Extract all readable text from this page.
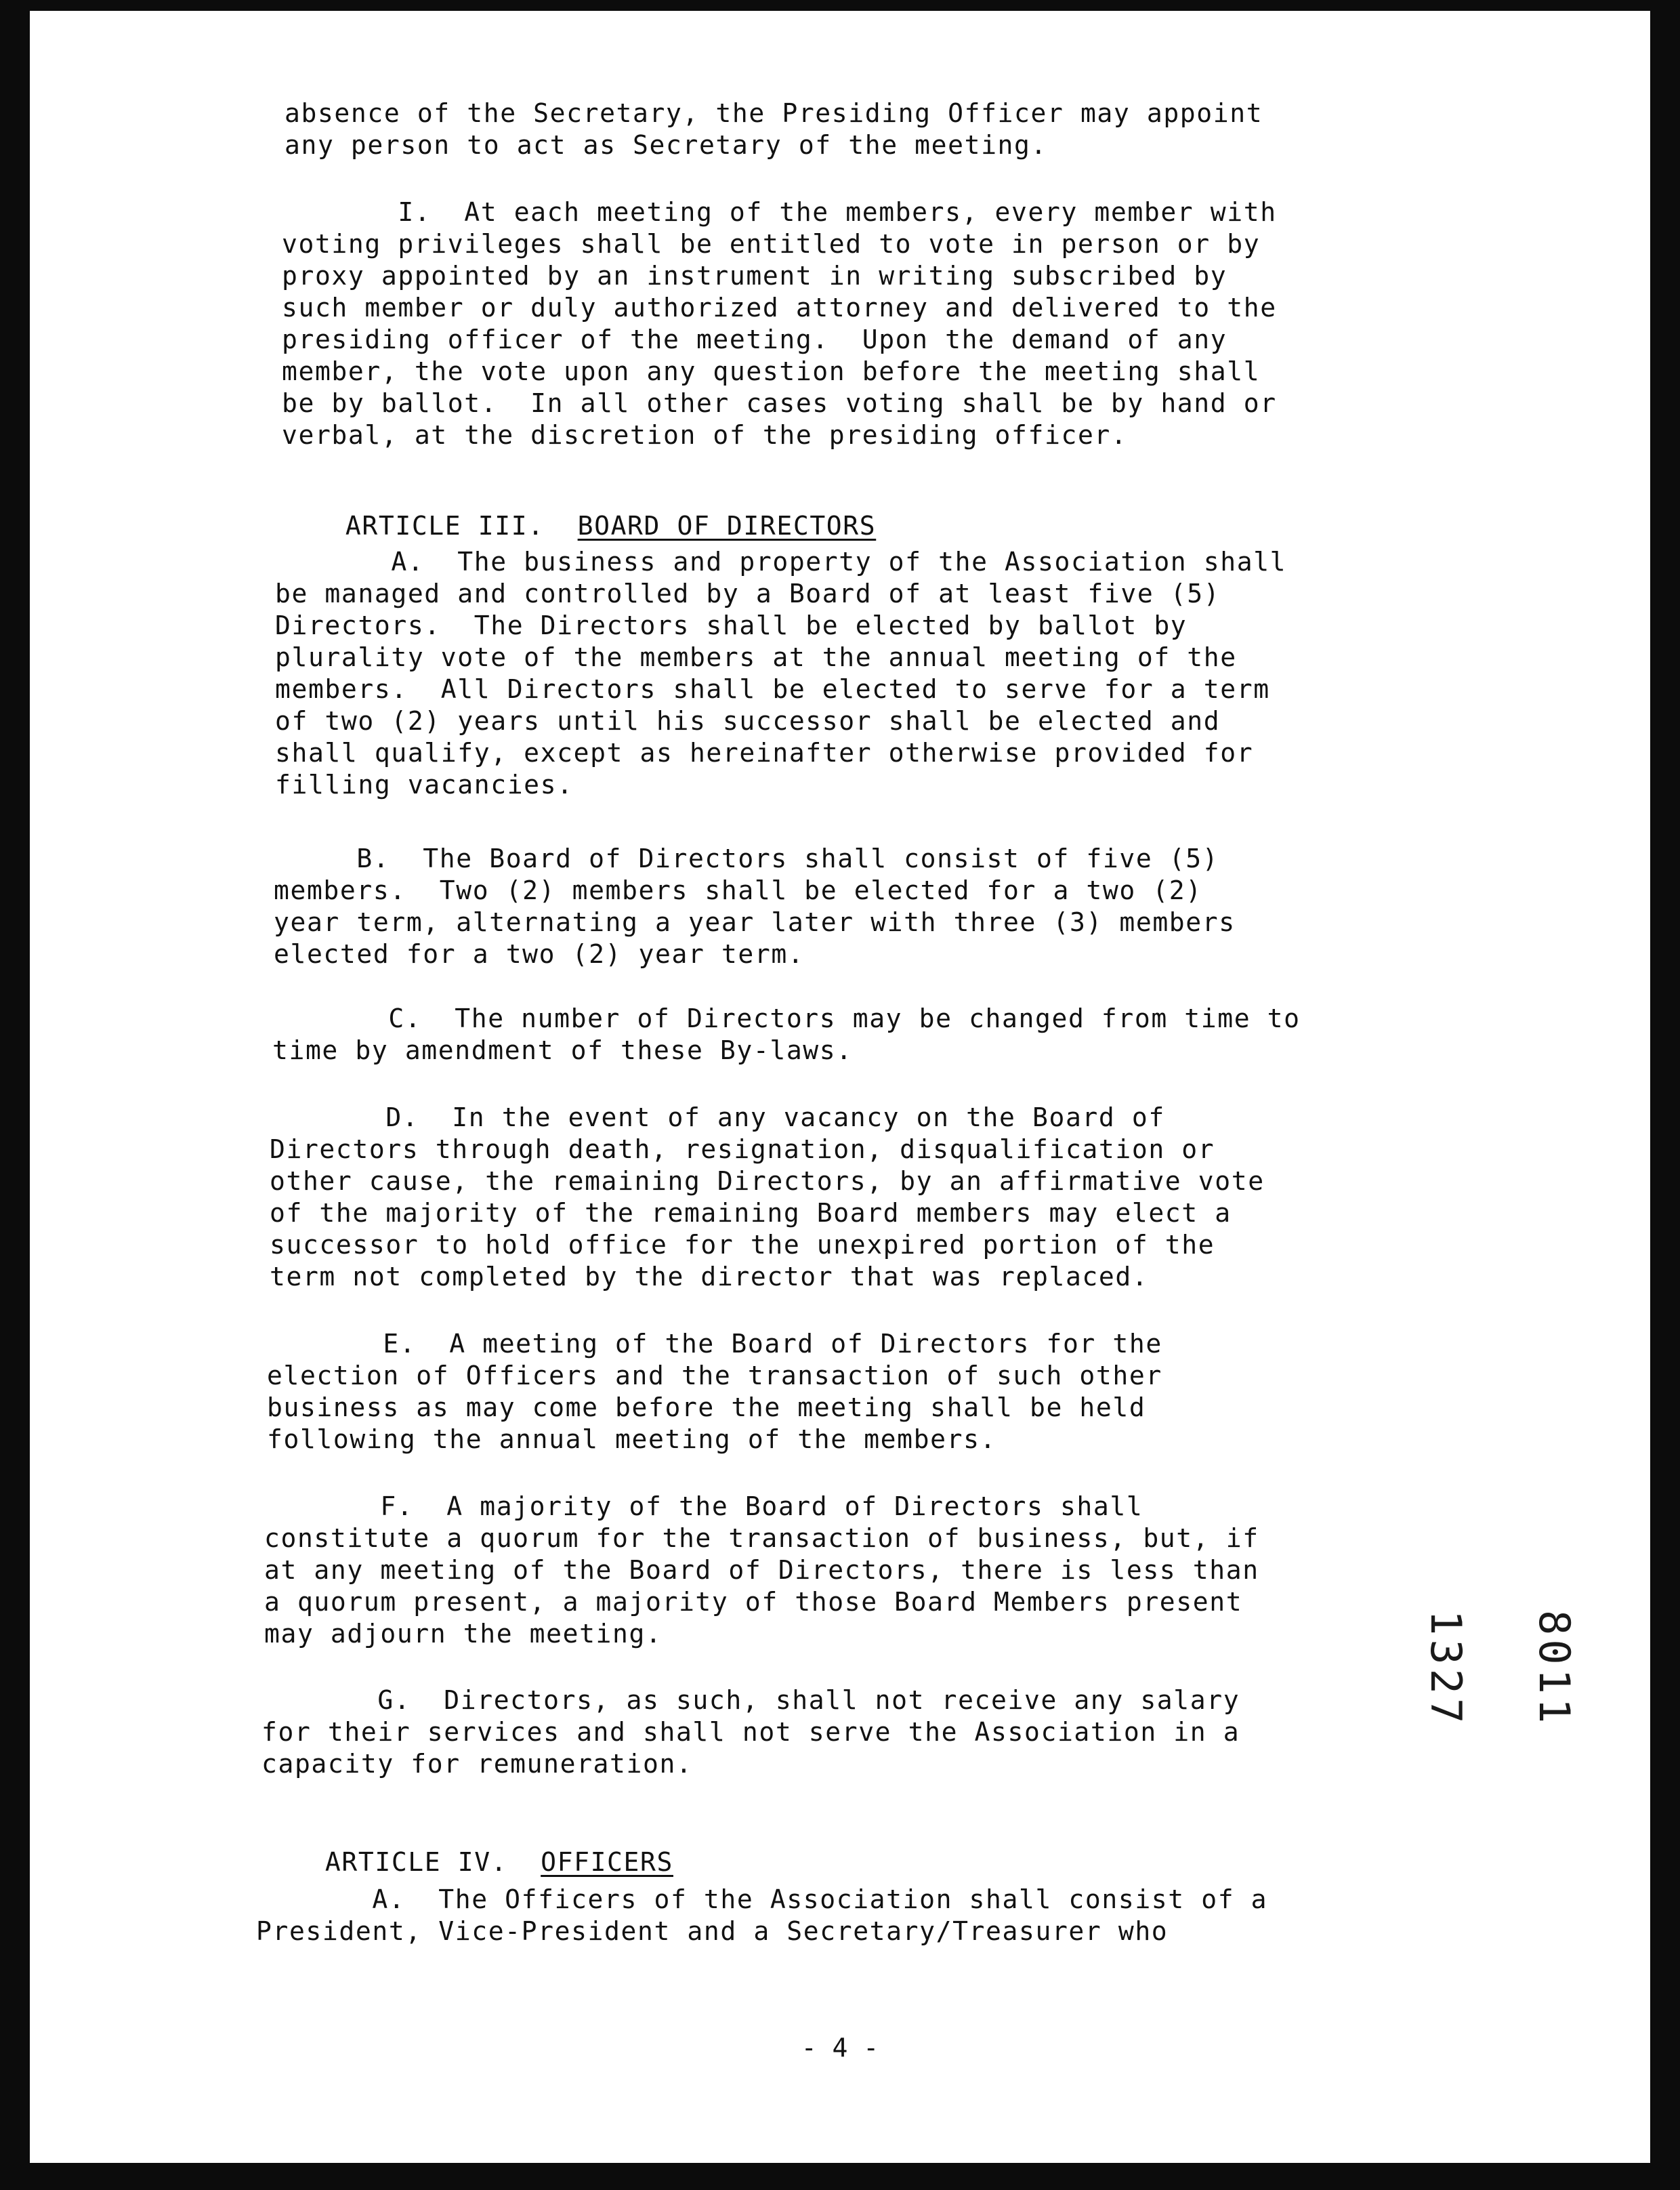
absence of the Secretary, the Presiding Officer may appoint
any person to act as Secretary of the meeting.

I.  At each meeting of the members, every member with
voting privileges shall be entitled to vote in person or by
proxy appointed by an instrument in writing subscribed by
such member or duly authorized attorney and delivered to the
presiding officer of the meeting.  Upon the demand of any
member, the vote upon any question before the meeting shall
be by ballot.  In all other cases voting shall be by hand or
verbal, at the discretion of the presiding officer.

ARTICLE III.  BOARD OF DIRECTORS

A.  The business and property of the Association shall
be managed and controlled by a Board of at least five (5)
Directors.  The Directors shall be elected by ballot by
plurality vote of the members at the annual meeting of the
members.  All Directors shall be elected to serve for a term
of two (2) years until his successor shall be elected and
shall qualify, except as hereinafter otherwise provided for
filling vacancies.

B.  The Board of Directors shall consist of five (5)
members.  Two (2) members shall be elected for a two (2)
year term, alternating a year later with three (3) members
elected for a two (2) year term.

C.  The number of Directors may be changed from time to
time by amendment of these By-laws.

D.  In the event of any vacancy on the Board of
Directors through death, resignation, disqualification or
other cause, the remaining Directors, by an affirmative vote
of the majority of the remaining Board members may elect a
successor to hold office for the unexpired portion of the
term not completed by the director that was replaced.

E.  A meeting of the Board of Directors for the
election of Officers and the transaction of such other
business as may come before the meeting shall be held
following the annual meeting of the members.

F.  A majority of the Board of Directors shall
constitute a quorum for the transaction of business, but, if
at any meeting of the Board of Directors, there is less than
a quorum present, a majority of those Board Members present
may adjourn the meeting.

G.  Directors, as such, shall not receive any salary
for their services and shall not serve the Association in a
capacity for remuneration.

ARTICLE IV.  OFFICERS

A.  The Officers of the Association shall consist of a
President, Vice-President and a Secretary/Treasurer who

8011 1327
- 4 -
